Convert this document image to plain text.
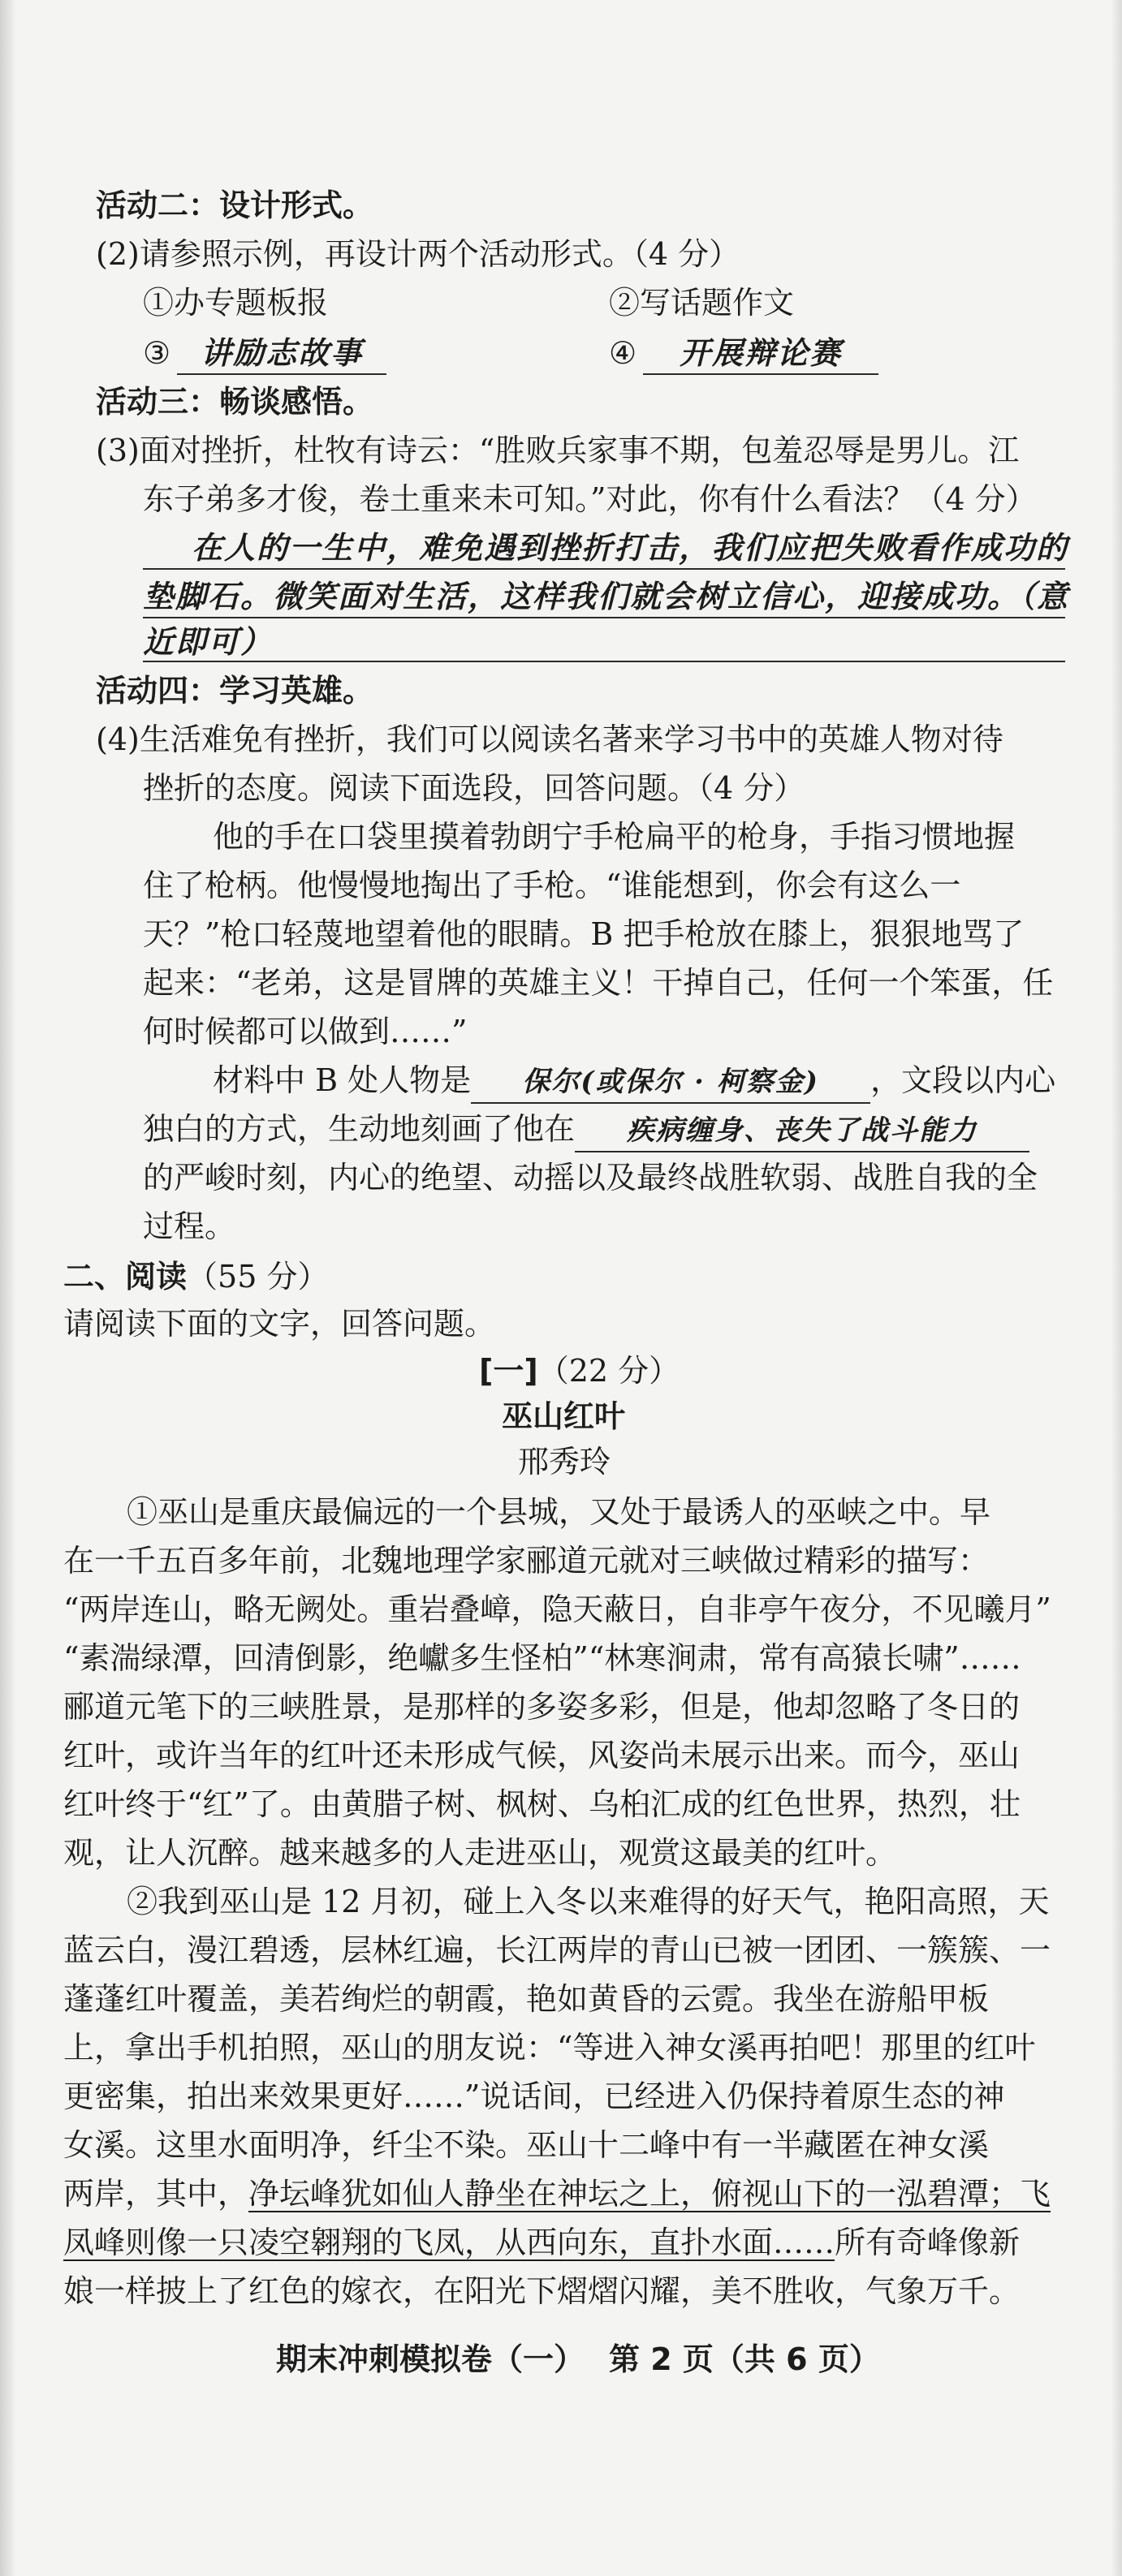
活动二：设计形式。
(2)请参照示例，再设计两个活动形式。（4 分）
①办专题板报	②写话题作文
③ 讲励志故事	④ 开展辩论赛
活动三：畅谈感悟。
(3)面对挫折，杜牧有诗云：“胜败兵家事不期，包羞忍辱是男儿。江
东子弟多才俊，卷土重来未可知。”对此，你有什么看法？（4 分）
在人的一生中，难免遇到挫折打击，我们应把失败看作成功的
垫脚石。微笑面对生活，这样我们就会树立信心，迎接成功。（意
近即可）
活动四：学习英雄。
(4)生活难免有挫折，我们可以阅读名著来学习书中的英雄人物对待
挫折的态度。阅读下面选段，回答问题。（4 分）
他的手在口袋里摸着勃朗宁手枪扁平的枪身，手指习惯地握
住了枪柄。他慢慢地掏出了手枪。“谁能想到，你会有这么一
天？”枪口轻蔑地望着他的眼睛。B 把手枪放在膝上，狠狠地骂了
起来：“老弟，这是冒牌的英雄主义！干掉自己，任何一个笨蛋，任
何时候都可以做到……”
材料中 B 处人物是 保尔(或保尔 · 柯察金) ，文段以内心
独白的方式，生动地刻画了他在 疾病缠身、丧失了战斗能力
的严峻时刻，内心的绝望、动摇以及最终战胜软弱、战胜自我的全
过程。
二、阅读（55 分）
请阅读下面的文字，回答问题。
[一]（22 分）
巫山红叶
邢秀玲
①巫山是重庆最偏远的一个县城，又处于最诱人的巫峡之中。早
在一千五百多年前，北魏地理学家郦道元就对三峡做过精彩的描写：
“两岸连山，略无阙处。重岩叠嶂，隐天蔽日，自非亭午夜分，不见曦月”
“素湍绿潭，回清倒影，绝巘多生怪柏”“林寒涧肃，常有高猿长啸”……
郦道元笔下的三峡胜景，是那样的多姿多彩，但是，他却忽略了冬日的
红叶，或许当年的红叶还未形成气候，风姿尚未展示出来。而今，巫山
红叶终于“红”了。由黄腊子树、枫树、乌桕汇成的红色世界，热烈，壮
观，让人沉醉。越来越多的人走进巫山，观赏这最美的红叶。
②我到巫山是 12 月初，碰上入冬以来难得的好天气，艳阳高照，天
蓝云白，漫江碧透，层林红遍，长江两岸的青山已被一团团、一簇簇、一
蓬蓬红叶覆盖，美若绚烂的朝霞，艳如黄昏的云霓。我坐在游船甲板
上，拿出手机拍照，巫山的朋友说：“等进入神女溪再拍吧！那里的红叶
更密集，拍出来效果更好……”说话间，已经进入仍保持着原生态的神
女溪。这里水面明净，纤尘不染。巫山十二峰中有一半藏匿在神女溪
两岸，其中，净坛峰犹如仙人静坐在神坛之上，俯视山下的一泓碧潭；飞
凤峰则像一只凌空翱翔的飞凤，从西向东，直扑水面……所有奇峰像新
娘一样披上了红色的嫁衣，在阳光下熠熠闪耀，美不胜收，气象万千。
期末冲刺模拟卷（一） 第 2 页（共 6 页）
